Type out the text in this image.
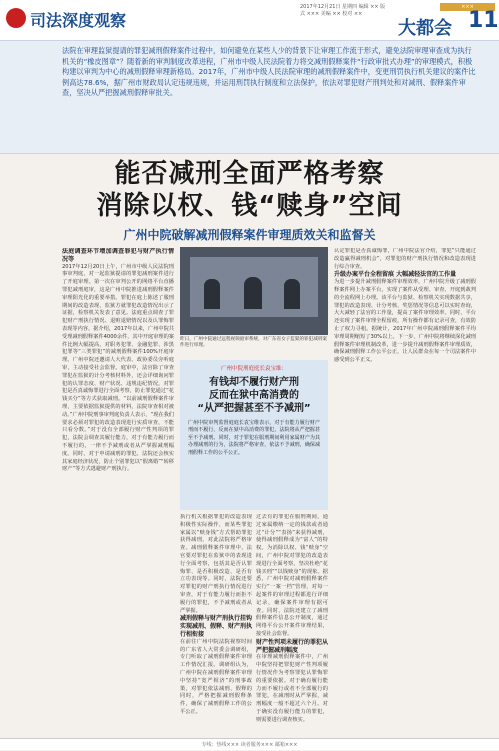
司法深度观察
×××
2017年12月21日 星期四 编辑 ×× 版式 ××× 美编 ×× 校对 ××
大都会 11
法院在审理监狱提请的罪犯减刑假释案件过程中，如何避免在某些人少的背景下让审理工作流于形式，避免法院审理审查成为执行机关的“橡皮图章”？随着新的审判制度改革进程，广州市中级人民法院着力将交减刑假释案件“行政审批式办理”的审理模式，积极构建以审判为中心的减刑假释审理新格局。2017年，广州市中级人民法院审理的减刑假释案件中，变更刑罚执行机关建议的案件比例高达78.6%，据广州市财政局认定违规违规，并运用刑罚执行制度和立法保护，依法对罪犯财产刑判处和对减刑、假释案件审查，坚决从严把握减刑假释审批关。
能否减刑全面严格考察
消除以权、钱“赎身”空间
广州中院破解减刑假释案件审理质效关和监督关
法庭调查环节增加调查罪犯与财产执行情况等
2017年12月20日上午，广州市中级人民法院刑事审判庭，对一起监狱提请的罪犯减刑案件进行了开庭审理。第一次在审判公开的网络平台直播罪犯减刑庭审，这是广州中院推进减刑假释案件审理阳光化的重要举措。罪犯在庭上陈述了服刑期间的改造表现，监狱方就罪犯改造情况出示了证据，检察机关发表了意见。法庭重点调查了罪犯财产刑执行情况、退赃退赔情况以及认罪悔罪表现等内容。据介绍，2017年以来，广州中院共受理减刑假释案件4000余件，其中开庭审理的案件比例大幅提高，对职务犯罪、金融犯罪、涉黑犯罪等“三类罪犯”的减刑假释案件100%开庭审理。广州中院还邀请人大代表、政协委员旁听庭审，主动接受社会监督。庭审中，法官除了审查罪犯在监狱的计分考核材料外，还会详细询问罪犯的认罪态度、财产状况、违规违纪情况，对罪犯是否真诚悔罪进行全面考察，防止罪犯通过“花钱买分”等方式获取减刑。“以前减刑假释案件审理，主要依据监狱提供的材料，法院审查相对被动。”广州中院刑事审判庭负责人表示，“现在我们要求必须对罪犯的改造表现进行实质审查，不能只看分数。”对于没有全部履行财产性判项的罪犯，法院会调查其履行能力，对于有能力履行而不履行的，一律不予减刑或者从严掌握减刑幅度。同时，对于申请减刑的罪犯，法院还会核实其家庭经济状况，防止个别罪犯以“假离婚”“转移财产”等方式逃避财产刑执行。
昨日，广州中院通过远程视频庭审系统，对广东省女子监狱的罪犯减刑案件进行审理。
广州中院刑庭庭长袁宝维：
有钱却不履行财产刑
反而在狱中高消费的
“从严把握甚至不予减刑”
广州中院审判监督庭庭长袁宝维表示，对于有能力履行财产刑而不履行，反而在狱中高消费的罪犯，法院将从严把握甚至不予减刑。同时，对于罪犯在服刑期间利用家属财产为其办理减刑的行为，法院将严格审查，依法不予减刑，确保减刑假释工作的公平公正。
执行机关根据罪犯的改造表现积极性实际操作，而某些罪犯家属以“赎身钱”方式帮助罪犯获得减刑，对此法院将严格审查。减刑假释案件审理中，法官要对罪犯在监狱中的表现进行全面考察，包括其是否认罪悔罪、是否积极改造、是否有立功表现等。同时，法院还要对罪犯的财产刑执行情况进行审查，对于有能力履行而拒不履行的罪犯，不予减刑或者从严掌握。
减刑假释与财产刑执行挂钩实现减刑、假释、财产刑执行相衔接
在前往广州中院法院视察时间的广东省人大常委会调研组，专门听取了减刑假释案件审理工作情况汇报。调研组认为，广州中院在减刑假释案件审理中坚持“宽严相济”的刑事政策，对罪犯依法减刑、假释的同时，严格把握减刑假释条件，确保了减刑假释工作的公平公正。
过去有的罪犯在服刑期间，通过家属缴纳一定的钱款或者通过“计分”“表扬”来获得减刑，使得减刑假释成为“富人”的特权。为消除以权、钱“赎身”空间，广州中院对罪犯的改造表现进行全面考察，坚决杜绝“花钱买刑”“以钱赎身”的现象。据悉，广州中院对减刑假释案件实行“一案一档”管理，对每一起案件的审理过程都进行详细记录，确保案件审理有据可查。同时，法院还建立了减刑假释案件信息公开制度，通过网络平台公开案件审理结果，接受社会监督。
财产性判项未履行的罪犯从严把握减刑幅度
在审理减刑假释案件中，广州中院坚持把罪犯财产性判项履行情况作为考察罪犯认罪悔罪的重要依据。对于确有履行能力而不履行或者不全部履行的罪犯，在减刑时从严掌握，减刑幅度一般不超过六个月。对于确实没有履行能力的罪犯，则需要进行调查核实。
认定罪犯是否真诚悔罪，广州中院法官介绍，罪犯“只能通过改造赢得减刑机会”，对罪犯的财产刑执行情况和改造表现进行综合审查。
升级办案平台全程留痕 大幅减轻法官的工作量
为进一步提升减刑假释案件审理效率，广州中院升级了减刑假释案件网上办案平台，实现了案件从受理、审查、开庭到裁判的全流程网上办理。该平台与监狱、检察机关实现数据共享，罪犯的改造表现、计分考核、奖惩情况等信息可以实时查询，大大减轻了法官的工作量，提高了案件审理效率。同时，平台还实现了案件审理全程留痕，所有操作都有记录可查，有效防止了权力寻租。据统计，2017年广州中院减刑假释案件平均审理周期缩短了30%以上。下一步，广州中院将继续深化减刑假释案件审理机制改革，进一步提升减刑假释案件审理质效，确保减刑假释工作公平公正，让人民群众在每一个司法案件中感受到公平正义。
专线：热线××× 读者服务××× 邮箱×××
